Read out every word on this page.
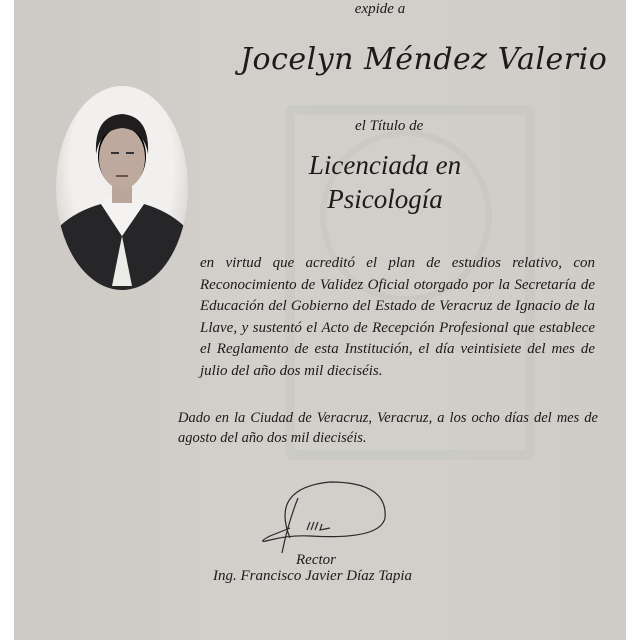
expide a
Jocelyn Méndez Valerio
el Título de
Licenciada en Psicología
en virtud que acreditó el plan de estudios relativo, con Reconocimiento de Validez Oficial otorgado por la Secretaría de Educación del Gobierno del Estado de Veracruz de Ignacio de la Llave, y sustentó el Acto de Recepción Profesional que establece el Reglamento de esta Institución, el día veintisiete del mes de julio del año dos mil dieciséis.
Dado en la Ciudad de Veracruz, Veracruz, a los ocho días del mes de agosto del año dos mil dieciséis.
Rector
Ing. Francisco Javier Díaz Tapia
